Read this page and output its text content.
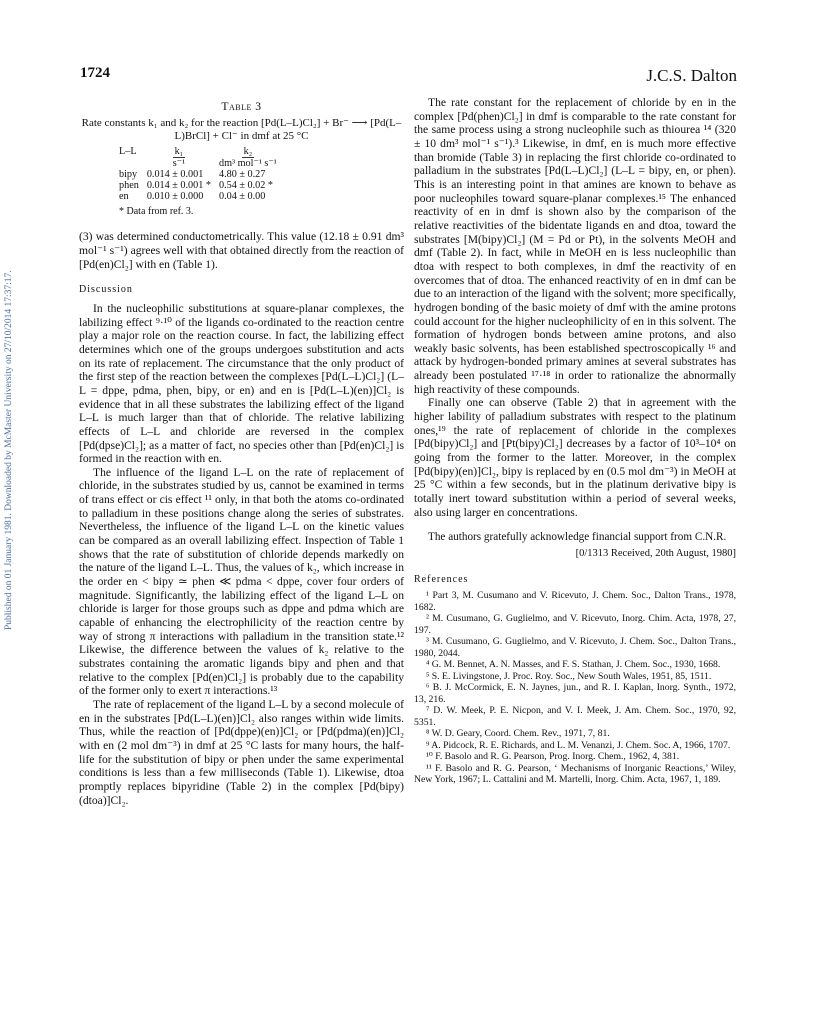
Published on 01 January 1981. Downloaded by McMaster University on 27/10/2014 17:37:17.
1724	J.C.S. Dalton
Table 3
Rate constants k₁ and k₂ for the reaction [Pd(L–L)Cl₂] + Br⁻ ⟶ [Pd(L–L)BrCl] + Cl⁻ in dmf at 25 °C
L–L	k₁	k₂
	s⁻¹	dm³ mol⁻¹ s⁻¹
bipy	0.014 ± 0.001	4.80 ± 0.27
phen	0.014 ± 0.001 *	0.54 ± 0.02 *
en	0.010 ± 0.000	0.04 ± 0.00
* Data from ref. 3.

(3) was determined conductometrically. This value (12.18 ± 0.91 dm³ mol⁻¹ s⁻¹) agrees well with that obtained directly from the reaction of [Pd(en)Cl₂] with en (Table 1).

Discussion

In the nucleophilic substitutions at square-planar complexes, the labilizing effect ⁹·¹⁰ of the ligands co-ordinated to the reaction centre play a major role on the reaction course. In fact, the labilizing effect determines which one of the groups undergoes substitution and acts on its rate of replacement. The circumstance that the only product of the first step of the reaction between the complexes [Pd(L–L)Cl₂] (L–L = dppe, pdma, phen, bipy, or en) and en is [Pd(L–L)(en)]Cl₂ is evidence that in all these substrates the labilizing effect of the ligand L–L is much larger than that of chloride. The relative labilizing effects of L–L and chloride are reversed in the complex [Pd(dpse)Cl₂]; as a matter of fact, no species other than [Pd(en)Cl₂] is formed in the reaction with en.

The influence of the ligand L–L on the rate of replacement of chloride, in the substrates studied by us, cannot be examined in terms of trans effect or cis effect ¹¹ only, in that both the atoms co-ordinated to palladium in these positions change along the series of substrates. Nevertheless, the influence of the ligand L–L on the kinetic values can be compared as an overall labilizing effect. Inspection of Table 1 shows that the rate of substitution of chloride depends markedly on the nature of the ligand L–L. Thus, the values of k₂, which increase in the order en < bipy ≃ phen ≪ pdma < dppe, cover four orders of magnitude. Significantly, the labilizing effect of the ligand L–L on chloride is larger for those groups such as dppe and pdma which are capable of enhancing the electrophilicity of the reaction centre by way of strong π interactions with palladium in the transition state.¹² Likewise, the difference between the values of k₂ relative to the substrates containing the aromatic ligands bipy and phen and that relative to the complex [Pd(en)Cl₂] is probably due to the capability of the former only to exert π interactions.¹³

The rate of replacement of the ligand L–L by a second molecule of en in the substrates [Pd(L–L)(en)]Cl₂ also ranges within wide limits. Thus, while the reaction of [Pd(dppe)(en)]Cl₂ or [Pd(pdma)(en)]Cl₂ with en (2 mol dm⁻³) in dmf at 25 °C lasts for many hours, the half-life for the substitution of bipy or phen under the same experimental conditions is less than a few milliseconds (Table 1). Likewise, dtoa promptly replaces bipyridine (Table 2) in the complex [Pd(bipy)(dtoa)]Cl₂.

The rate constant for the replacement of chloride by en in the complex [Pd(phen)Cl₂] in dmf is comparable to the rate constant for the same process using a strong nucleophile such as thiourea ¹⁴ (320 ± 10 dm³ mol⁻¹ s⁻¹).³ Likewise, in dmf, en is much more effective than bromide (Table 3) in replacing the first chloride co-ordinated to palladium in the substrates [Pd(L–L)Cl₂] (L–L = bipy, en, or phen). This is an interesting point in that amines are known to behave as poor nucleophiles toward square-planar complexes.¹⁵ The enhanced reactivity of en in dmf is shown also by the comparison of the relative reactivities of the bidentate ligands en and dtoa, toward the substrates [M(bipy)Cl₂] (M = Pd or Pt), in the solvents MeOH and dmf (Table 2). In fact, while in MeOH en is less nucleophilic than dtoa with respect to both complexes, in dmf the reactivity of en overcomes that of dtoa. The enhanced reactivity of en in dmf can be due to an interaction of the ligand with the solvent; more specifically, hydrogen bonding of the basic moiety of dmf with the amine protons could account for the higher nucleophilicity of en in this solvent. The formation of hydrogen bonds between amine protons, and also weakly basic solvents, has been established spectroscopically ¹⁶ and attack by hydrogen-bonded primary amines at several substrates has already been postulated ¹⁷·¹⁸ in order to rationalize the abnormally high reactivity of these compounds.

Finally one can observe (Table 2) that in agreement with the higher lability of palladium substrates with respect to the platinum ones,¹⁹ the rate of replacement of chloride in the complexes [Pd(bipy)Cl₂] and [Pt(bipy)Cl₂] decreases by a factor of 10³–10⁴ on going from the former to the latter. Moreover, in the complex [Pd(bipy)(en)]Cl₂, bipy is replaced by en (0.5 mol dm⁻³) in MeOH at 25 °C within a few seconds, but in the platinum derivative bipy is totally inert toward substitution within a period of several weeks, also using larger en concentrations.

The authors gratefully acknowledge financial support from C.N.R.

[0/1313 Received, 20th August, 1980]
References

¹ Part 3, M. Cusumano and V. Ricevuto, J. Chem. Soc., Dalton Trans., 1978, 1682.

² M. Cusumano, G. Guglielmo, and V. Ricevuto, Inorg. Chim. Acta, 1978, 27, 197.

³ M. Cusumano, G. Guglielmo, and V. Ricevuto, J. Chem. Soc., Dalton Trans., 1980, 2044.

⁴ G. M. Bennet, A. N. Masses, and F. S. Stathan, J. Chem. Soc., 1930, 1668.

⁵ S. E. Livingstone, J. Proc. Roy. Soc., New South Wales, 1951, 85, 1511.

⁶ B. J. McCormick, E. N. Jaynes, jun., and R. I. Kaplan, Inorg. Synth., 1972, 13, 216.

⁷ D. W. Meek, P. E. Nicpon, and V. I. Meek, J. Am. Chem. Soc., 1970, 92, 5351.

⁸ W. D. Geary, Coord. Chem. Rev., 1971, 7, 81.

⁹ A. Pidcock, R. E. Richards, and L. M. Venanzi, J. Chem. Soc. A, 1966, 1707.

¹⁰ F. Basolo and R. G. Pearson, Prog. Inorg. Chem., 1962, 4, 381.

¹¹ F. Basolo and R. G. Pearson, ‘ Mechanisms of Inorganic Reactions,’ Wiley, New York, 1967; L. Cattalini and M. Martelli, Inorg. Chim. Acta, 1967, 1, 189.
